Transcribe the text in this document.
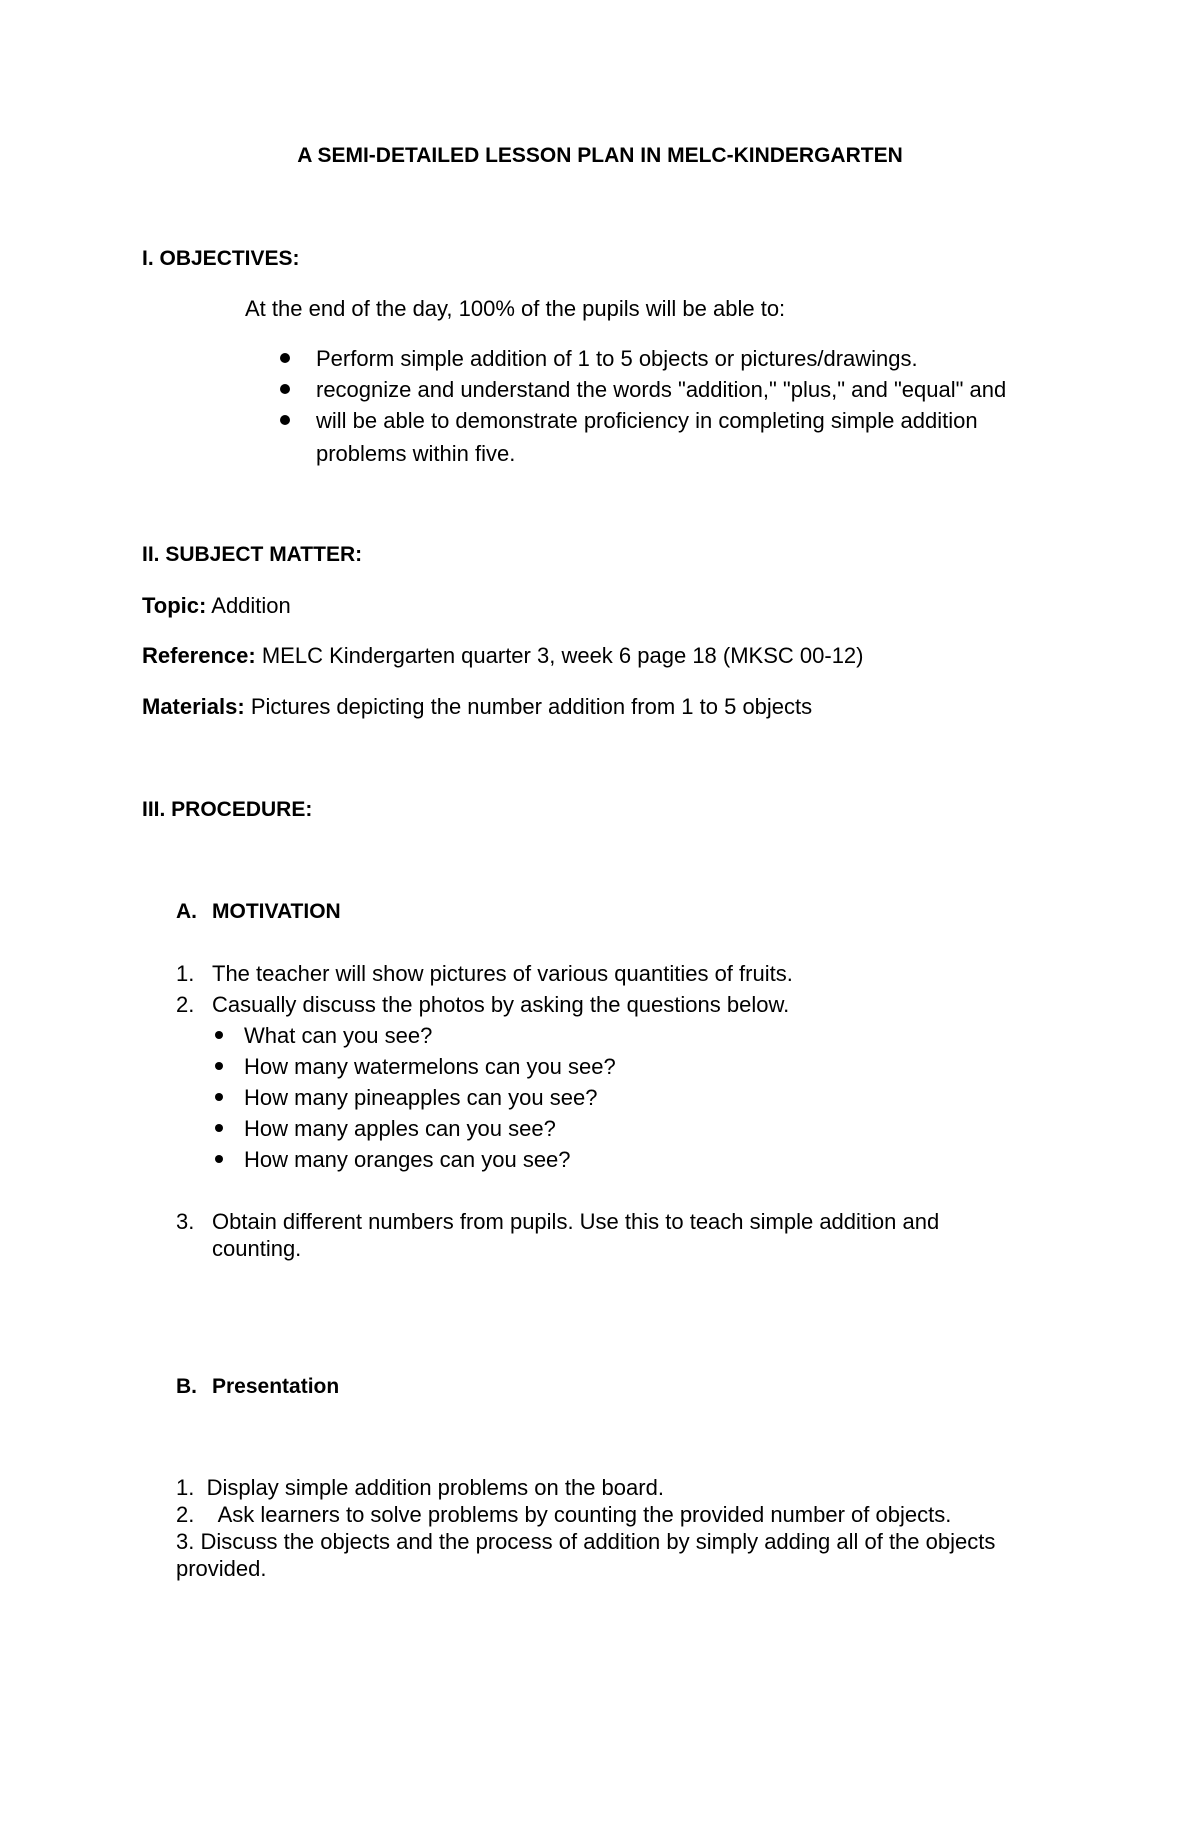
A SEMI-DETAILED LESSON PLAN IN MELC-KINDERGARTEN
I. OBJECTIVES:
At the end of the day, 100% of the pupils will be able to:
Perform simple addition of 1 to 5 objects or pictures/drawings.
recognize and understand the words "addition," "plus," and "equal" and
will be able to demonstrate proficiency in completing simple addition
problems within five.
II. SUBJECT MATTER:
Topic: Addition
Reference: MELC Kindergarten quarter 3, week 6 page 18 (MKSC 00-12)
Materials: Pictures depicting the number addition from 1 to 5 objects
III. PROCEDURE:
A. MOTIVATION
1. The teacher will show pictures of various quantities of fruits.
2. Casually discuss the photos by asking the questions below.
What can you see?
How many watermelons can you see?
How many pineapples can you see?
How many apples can you see?
How many oranges can you see?
3. Obtain different numbers from pupils. Use this to teach simple addition and
counting.
B. Presentation
1.  Display simple addition problems on the board.
2.    Ask learners to solve problems by counting the provided number of objects.
3. Discuss the objects and the process of addition by simply adding all of the objects
provided.
